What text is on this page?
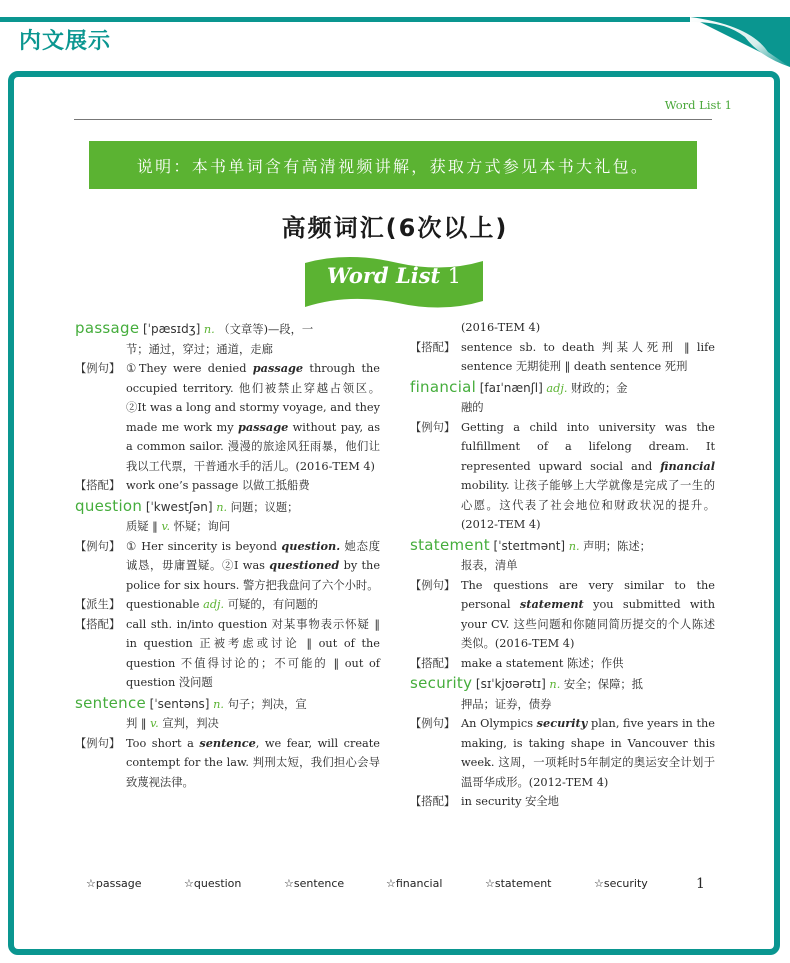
内文展示
Word List 1
说明：本书单词含有高清视频讲解，获取方式参见本书大礼包。
高频词汇(6次以上)
Word List 1
passage [ˈpæsɪdʒ] n. （文章等)—段，一
节；通过，穿过；通道，走廊
【例句】 ①They were denied passage through the occupied territory. 他们被禁止穿越占领区。②It was a long and stormy voyage, and they made me work my passage without pay, as a common sailor. 漫漫的旅途风狂雨暴，他们让我以工代票，干普通水手的活儿。(2016-TEM 4)
【搭配】 work one’s passage 以做工抵船费
question [ˈkwestʃən] n. 问题；议题；
质疑 ‖ v. 怀疑；询问
【例句】 ① Her sincerity is beyond question. 她态度诚恳，毋庸置疑。②I was questioned by the police for six hours. 警方把我盘问了六个小时。
【派生】 questionable adj. 可疑的，有问题的
【搭配】 call sth. in/into question 对某事物表示怀疑 ‖ in question 正被考虑或讨论 ‖ out of the question 不值得讨论的；不可能的 ‖ out of question 没问题
sentence [ˈsentəns] n. 句子；判决，宣
判 ‖ v. 宣判，判决
【例句】 Too short a sentence, we fear, will create contempt for the law. 判刑太短，我们担心会导致蔑视法律。
(2016-TEM 4)
【搭配】 sentence sb. to death 判某人死刑 ‖ life sentence 无期徒刑 ‖ death sentence 死刑
financial [faɪˈnænʃl] adj. 财政的；金
融的
【例句】 Getting a child into university was the fulfillment of a lifelong dream. It represented upward social and financial mobility. 让孩子能够上大学就像是完成了一生的心愿。这代表了社会地位和财政状况的提升。(2012-TEM 4)
statement [ˈsteɪtmənt] n. 声明；陈述；
报表，清单
【例句】 The questions are very similar to the personal statement you submitted with your CV. 这些问题和你随同简历提交的个人陈述类似。(2016-TEM 4)
【搭配】 make a statement 陈述；作供
security [sɪˈkjʊərətɪ] n. 安全；保障；抵
押品；证券，债券
【例句】 An Olympics security plan, five years in the making, is taking shape in Vancouver this week. 这周，一项耗时5年制定的奥运安全计划于温哥华成形。(2012-TEM 4)
【搭配】 in security 安全地
☆passage	☆question	☆sentence	☆financial	☆statement	☆security	1
